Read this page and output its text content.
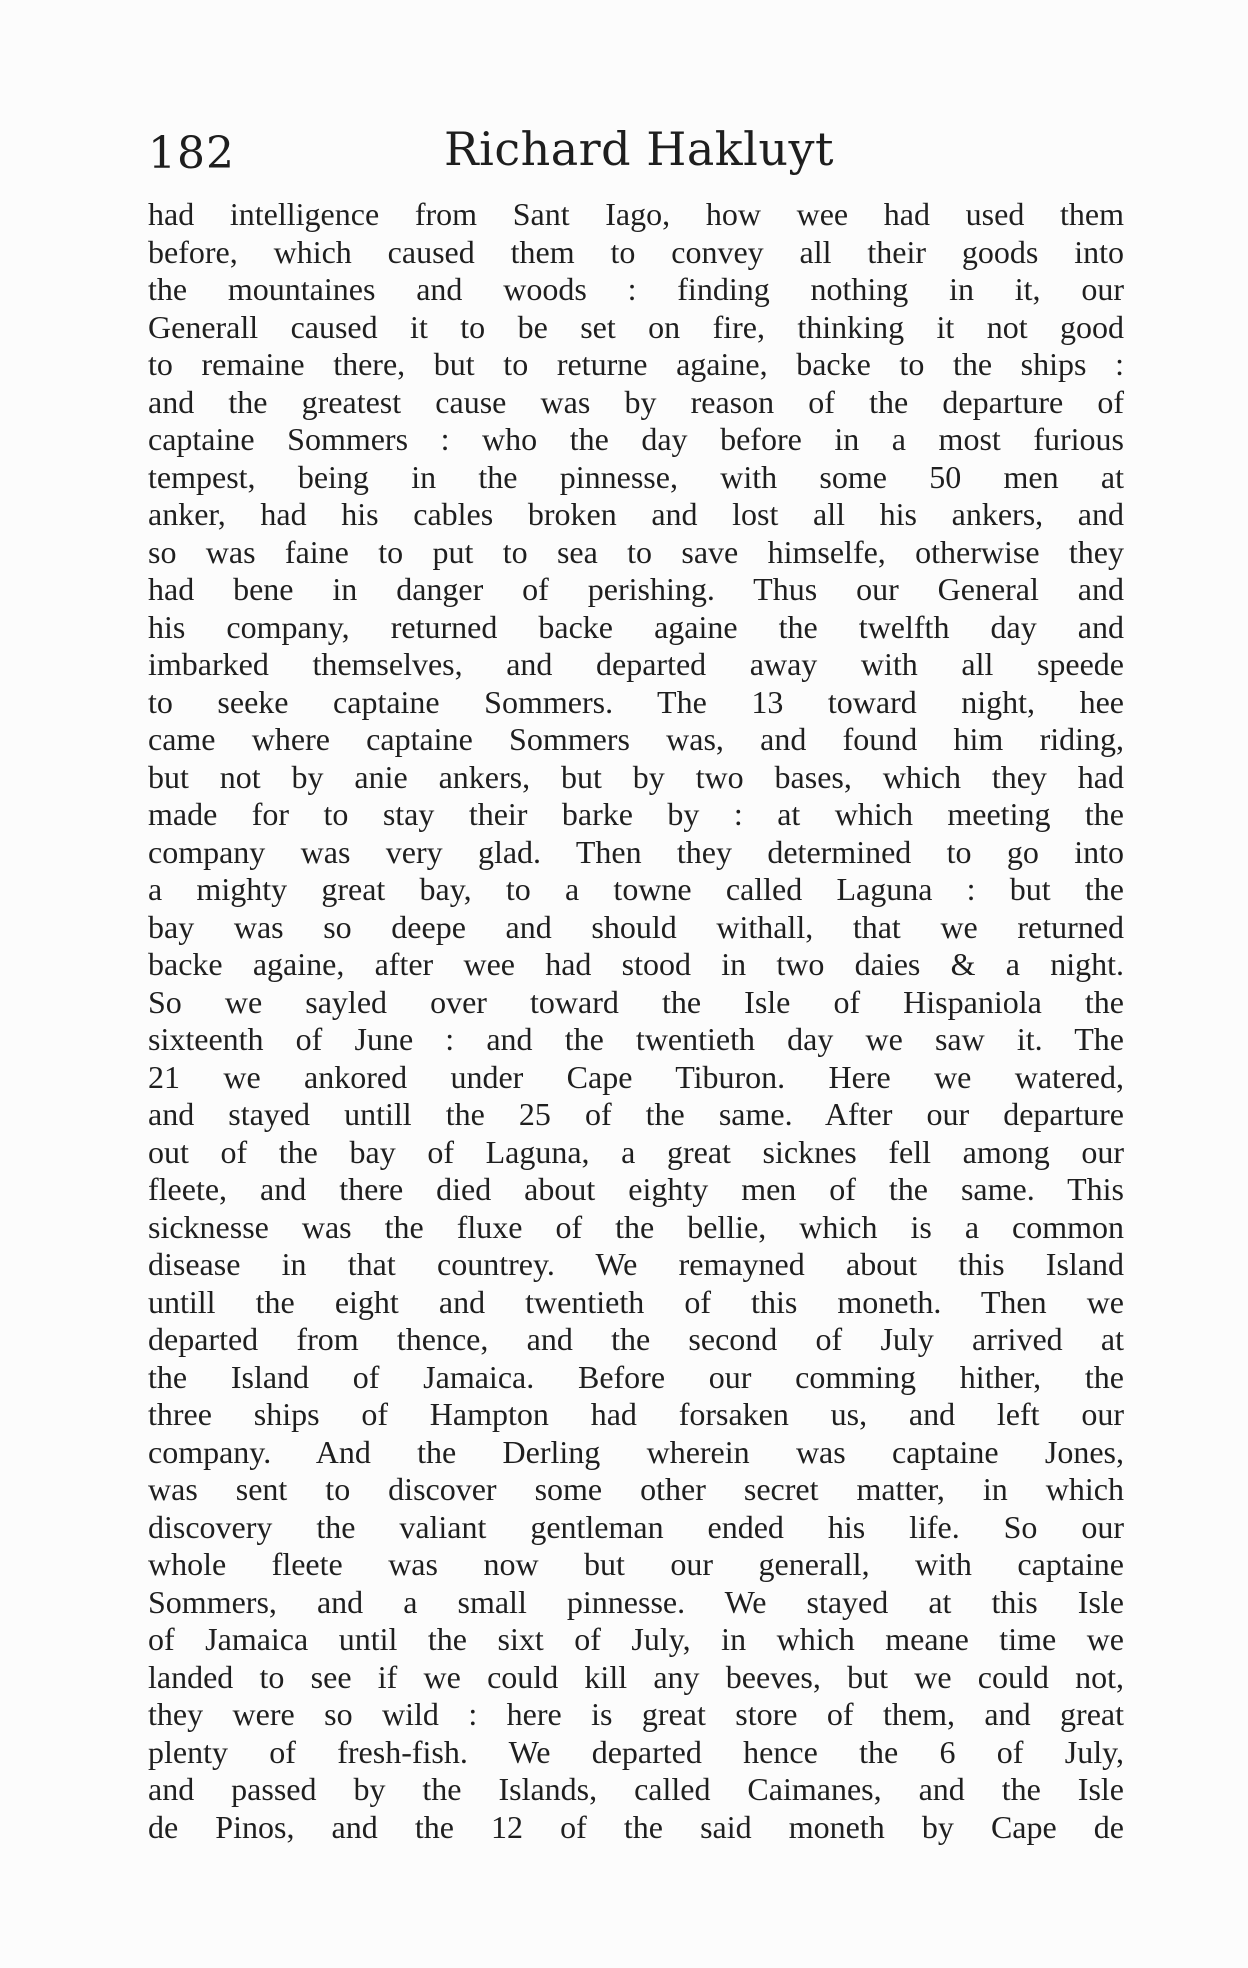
182	Richard Hakluyt
had intelligence from Sant Iago, how wee had used them
before, which caused them to convey all their goods into
the mountaines and woods : finding nothing in it, our
Generall caused it to be set on fire, thinking it not good
to remaine there, but to returne againe, backe to the ships :
and the greatest cause was by reason of the departure of
captaine Sommers : who the day before in a most furious
tempest, being in the pinnesse, with some 50 men at
anker, had his cables broken and lost all his ankers, and
so was faine to put to sea to save himselfe, otherwise they
had bene in danger of perishing. Thus our General and
his company, returned backe againe the twelfth day and
imbarked themselves, and departed away with all speede
to seeke captaine Sommers. The 13 toward night, hee
came where captaine Sommers was, and found him riding,
but not by anie ankers, but by two bases, which they had
made for to stay their barke by : at which meeting the
company was very glad. Then they determined to go into
a mighty great bay, to a towne called Laguna : but the
bay was so deepe and should withall, that we returned
backe againe, after wee had stood in two daies & a night.
So we sayled over toward the Isle of Hispaniola the
sixteenth of June : and the twentieth day we saw it. The
21 we ankored under Cape Tiburon. Here we watered,
and stayed untill the 25 of the same. After our departure
out of the bay of Laguna, a great sicknes fell among our
fleete, and there died about eighty men of the same. This
sicknesse was the fluxe of the bellie, which is a common
disease in that countrey. We remayned about this Island
untill the eight and twentieth of this moneth. Then we
departed from thence, and the second of July arrived at
the Island of Jamaica. Before our comming hither, the
three ships of Hampton had forsaken us, and left our
company. And the Derling wherein was captaine Jones,
was sent to discover some other secret matter, in which
discovery the valiant gentleman ended his life. So our
whole fleete was now but our generall, with captaine
Sommers, and a small pinnesse. We stayed at this Isle
of Jamaica until the sixt of July, in which meane time we
landed to see if we could kill any beeves, but we could not,
they were so wild : here is great store of them, and great
plenty of fresh-fish. We departed hence the 6 of July,
and passed by the Islands, called Caimanes, and the Isle
de Pinos, and the 12 of the said moneth by Cape de
